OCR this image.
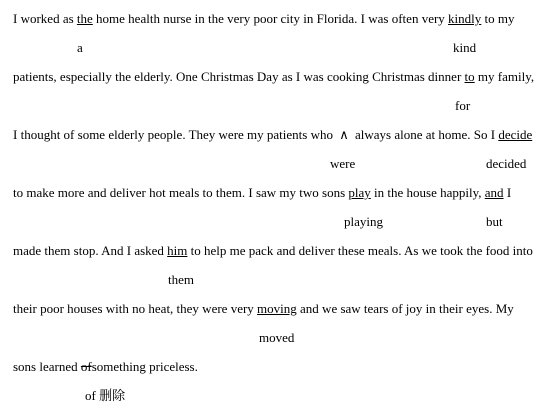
I worked as the home health nurse in the very poor city in Florida. I was often very kindly to my
a	kind
patients, especially the elderly. One Christmas Day as I was cooking Christmas dinner to my family,
for
I thought of some elderly people. They were my patients who ∧ always alone at home. So I decide
were	decided
to make more and deliver hot meals to them. I saw my two sons play in the house happily, and I
playing	but
made them stop. And I asked him to help me pack and deliver these meals. As we took the food into
them
their poor houses with no heat, they were very moving and we saw tears of joy in their eyes. My
moved
sons learned ofsomething priceless.
of 删除
